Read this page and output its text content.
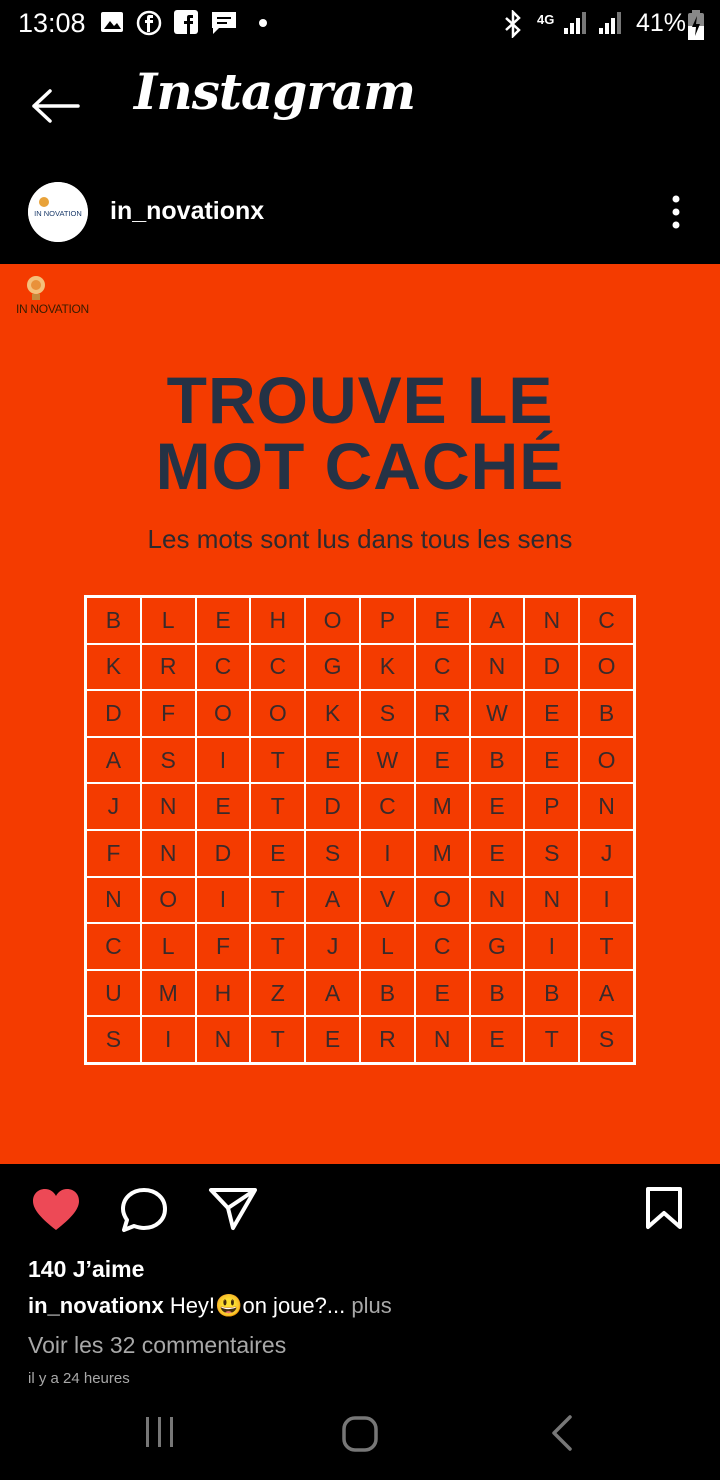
13:08	4G	41%
Instagram
IN NOVATION in_novationx
IN NOVATION
TROUVE LE
MOT CACHÉ
Les mots sont lus dans tous les sens
B	L	E	H	O	P	E	A	N	C
K	R	C	C	G	K	C	N	D	O
D	F	O	O	K	S	R	W	E	B
A	S	I	T	E	W	E	B	E	O
J	N	E	T	D	C	M	E	P	N
F	N	D	E	S	I	M	E	S	J
N	O	I	T	A	V	O	N	N	I
C	L	F	T	J	L	C	G	I	T
U	M	H	Z	A	B	E	B	B	A
S	I	N	T	E	R	N	E	T	S
140 J’aime
in_novationx Hey!😃on joue?... plus
Voir les 32 commentaires
il y a 24 heures
